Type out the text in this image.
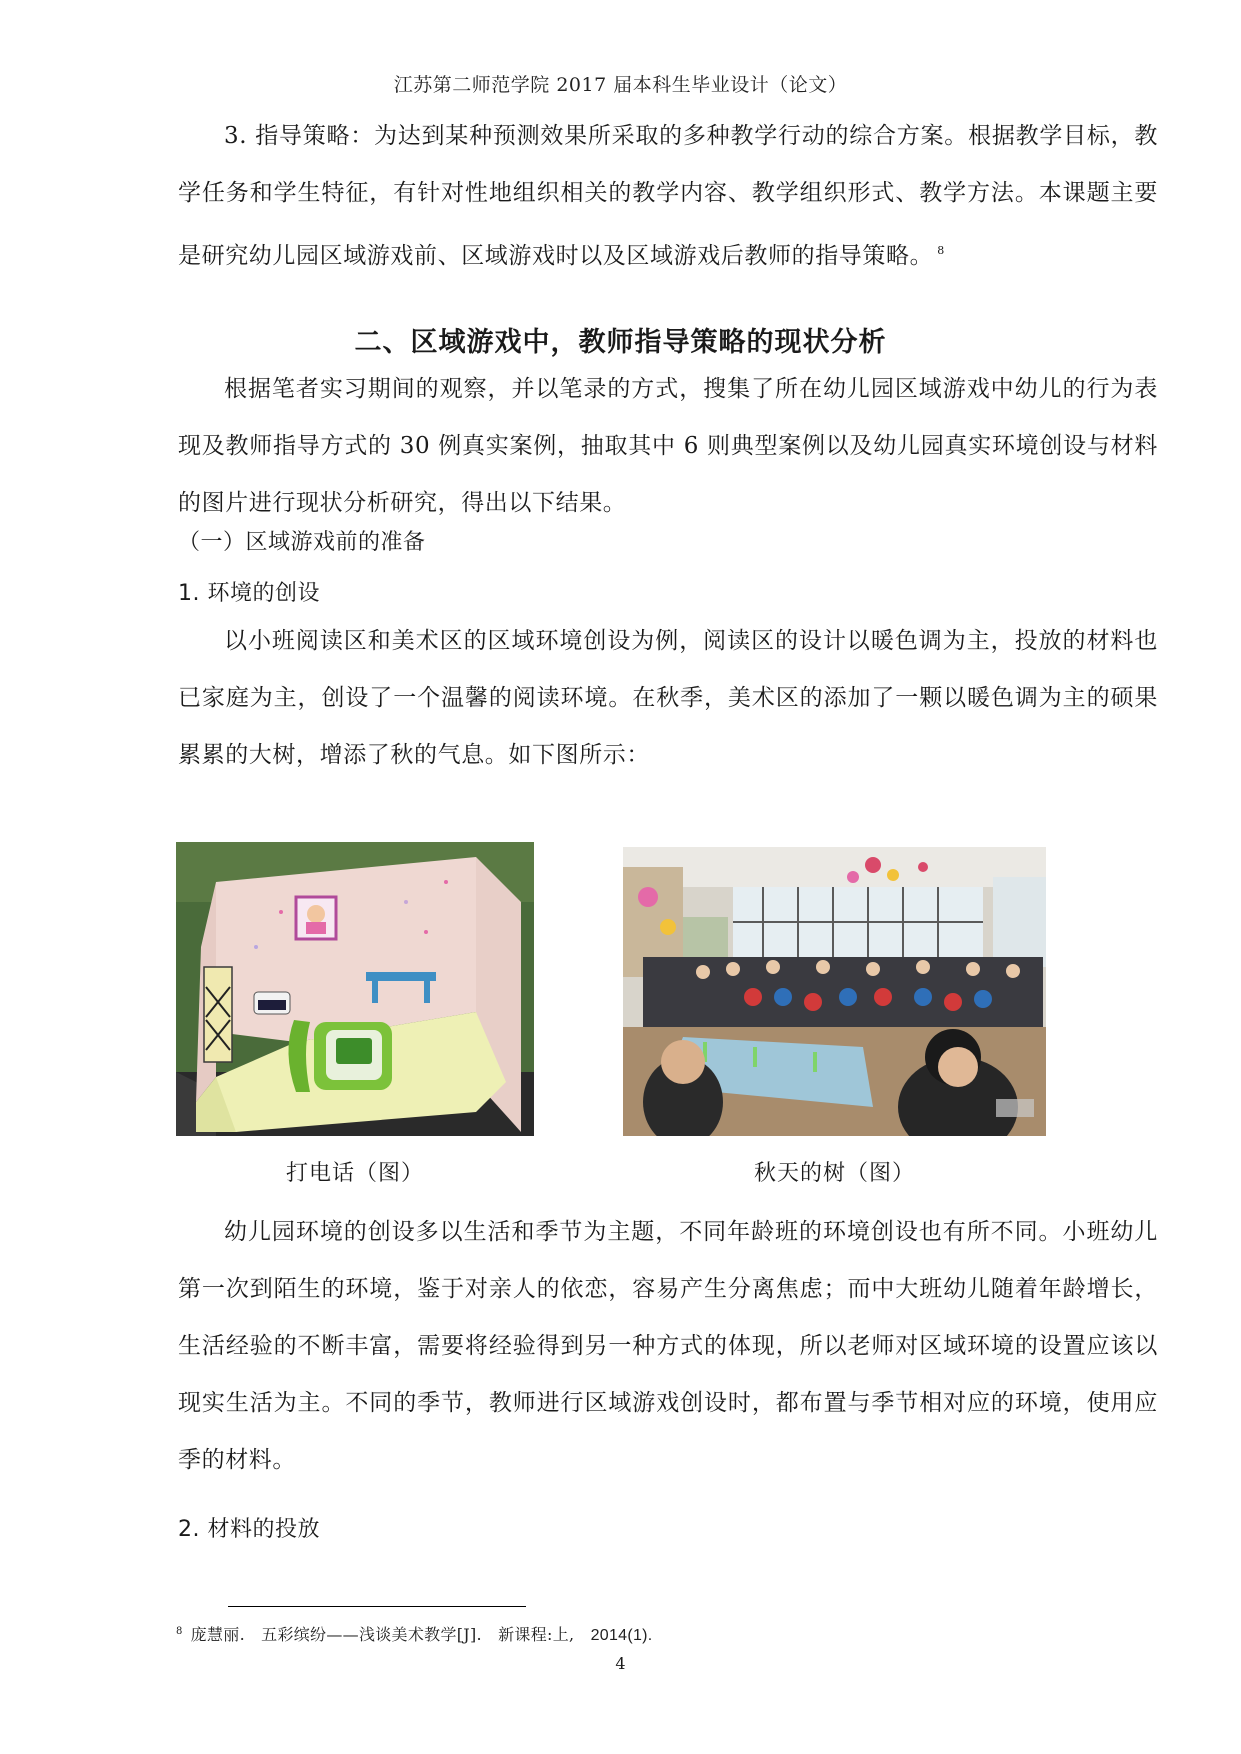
江苏第二师范学院 2017 届本科生毕业设计（论文）
3. 指导策略：为达到某种预测效果所采取的多种教学行动的综合方案。根据教学目标，教学任务和学生特征，有针对性地组织相关的教学内容、教学组织形式、教学方法。本课题主要是研究幼儿园区域游戏前、区域游戏时以及区域游戏后教师的指导策略。 $^8$
二、区域游戏中，教师指导策略的现状分析
根据笔者实习期间的观察，并以笔录的方式，搜集了所在幼儿园区域游戏中幼儿的行为表现及教师指导方式的 30 例真实案例，抽取其中 6 则典型案例以及幼儿园真实环境创设与材料的图片进行现状分析研究，得出以下结果。
（一）区域游戏前的准备
1. 环境的创设
以小班阅读区和美术区的区域环境创设为例，阅读区的设计以暖色调为主，投放的材料也已家庭为主，创设了一个温馨的阅读环境。在秋季，美术区的添加了一颗以暖色调为主的硕果累累的大树，增添了秋的气息。如下图所示：
打电话（图）	秋天的树（图）
幼儿园环境的创设多以生活和季节为主题，不同年龄班的环境创设也有所不同。小班幼儿第一次到陌生的环境，鉴于对亲人的依恋，容易产生分离焦虑；而中大班幼儿随着年龄增长，生活经验的不断丰富，需要将经验得到另一种方式的体现，所以老师对区域环境的设置应该以现实生活为主。不同的季节，教师进行区域游戏创设时，都布置与季节相对应的环境，使用应季的材料。
2. 材料的投放
$^8$ 庞慧丽. 五彩缤纷——浅谈美术教学[J]. 新课程:上, 2014(1).
4
